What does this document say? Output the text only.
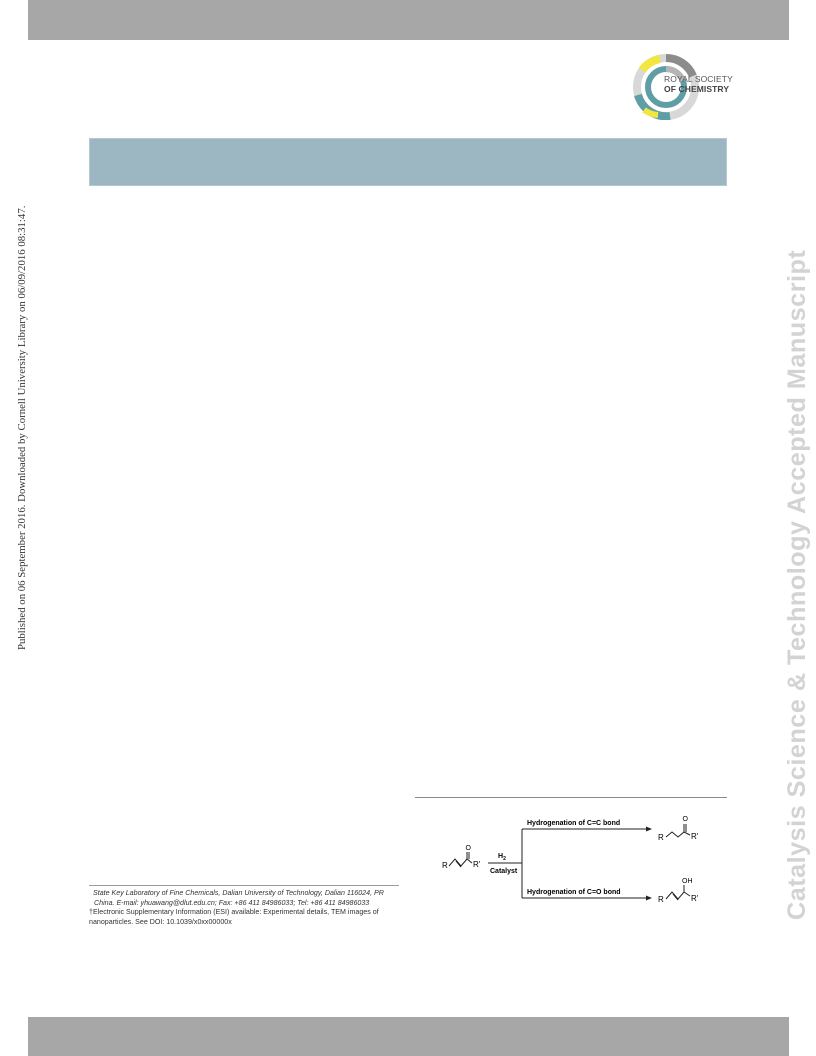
ROYAL SOCIETY
OF CHEMISTRY
Published on 06 September 2016. Downloaded by Cornell University Library on 06/09/2016 08:31:47.	Catalysis Science & Technology Accepted Manuscript
R
O
R'
$H_2$
Catalyst
Hydrogenation of C=C bond
Hydrogenation of C=O bond
R
O
R'
R
OH
R'
State Key Laboratory of Fine Chemicals, Dalian University of Technology, Dalian 116024, PR China. E-mail: yhuawang@dlut.edu.cn; Fax: +86 411 84986033; Tel: +86 411 84986033
†Electronic Supplementary Information (ESI) available: Experimental details, TEM images of nanoparticles. See DOI: 10.1039/x0xx00000x
